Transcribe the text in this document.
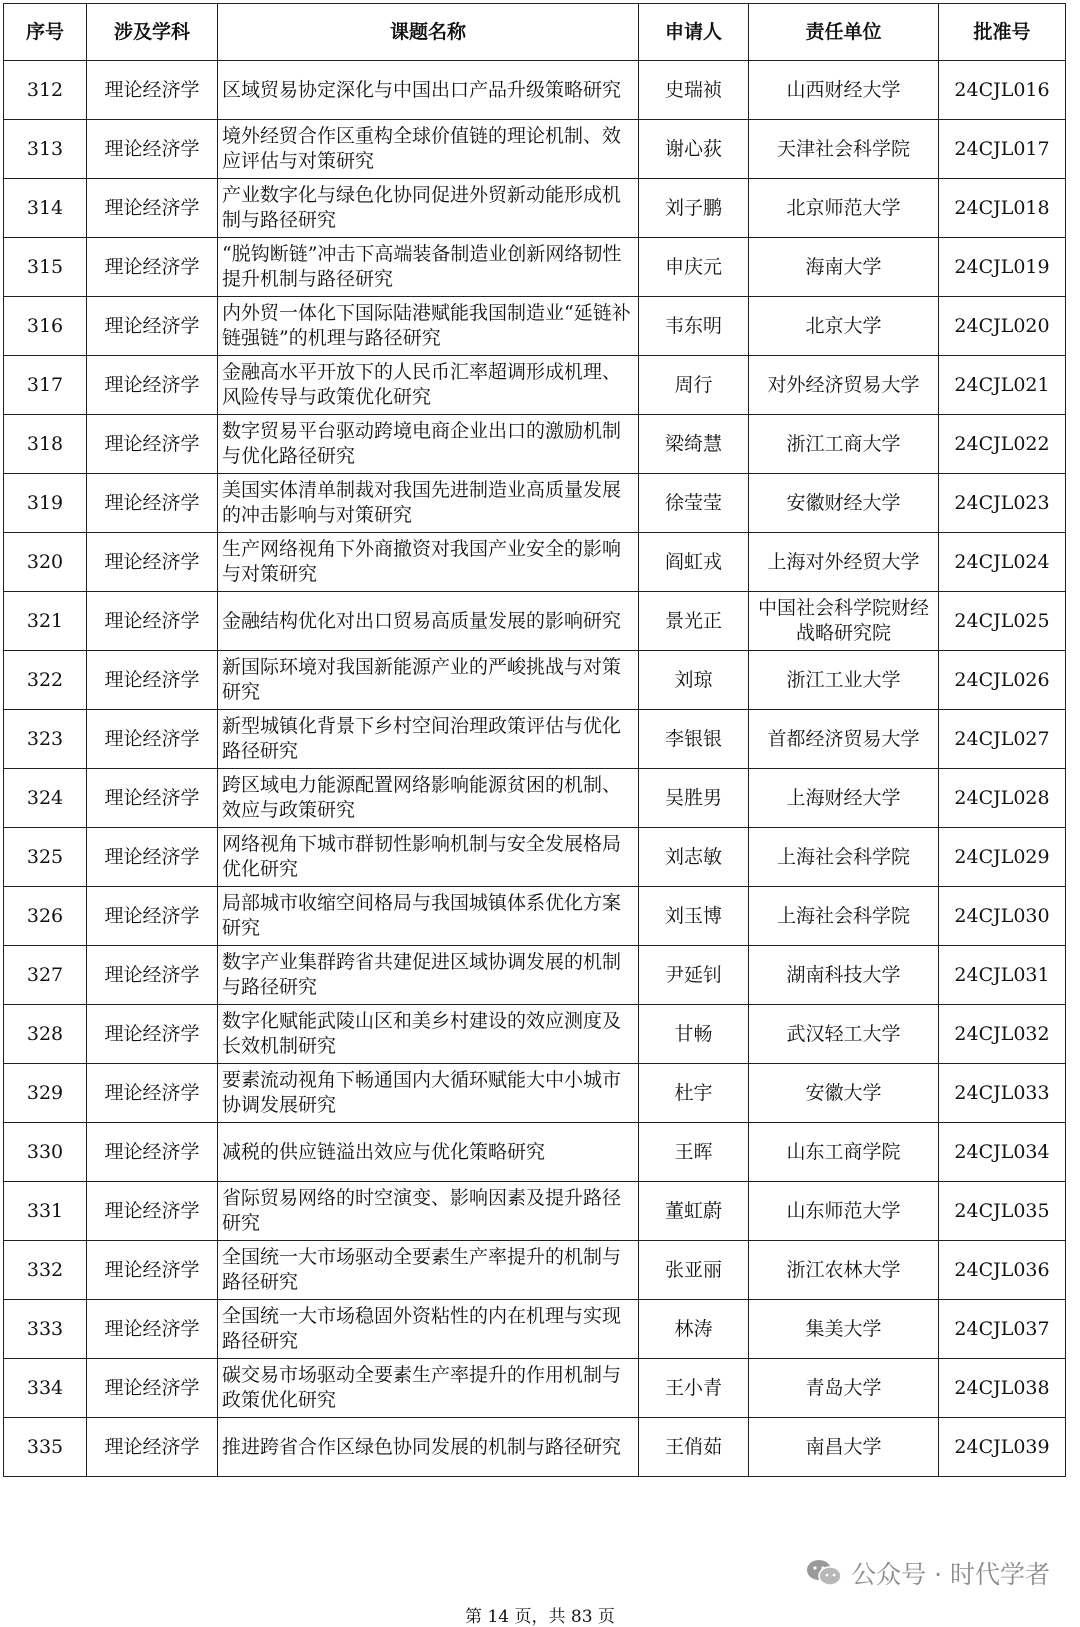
序号	涉及学科	课题名称	申请人	责任单位	批准号
312	理论经济学	区域贸易协定深化与中国出口产品升级策略研究	史瑞祯	山西财经大学	24CJL016
313	理论经济学	境外经贸合作区重构全球价值链的理论机制、效应评估与对策研究	谢心荻	天津社会科学院	24CJL017
314	理论经济学	产业数字化与绿色化协同促进外贸新动能形成机制与路径研究	刘子鹏	北京师范大学	24CJL018
315	理论经济学	“脱钩断链”冲击下高端装备制造业创新网络韧性提升机制与路径研究	申庆元	海南大学	24CJL019
316	理论经济学	内外贸一体化下国际陆港赋能我国制造业“延链补链强链”的机理与路径研究	韦东明	北京大学	24CJL020
317	理论经济学	金融高水平开放下的人民币汇率超调形成机理、风险传导与政策优化研究	周行	对外经济贸易大学	24CJL021
318	理论经济学	数字贸易平台驱动跨境电商企业出口的激励机制与优化路径研究	梁绮慧	浙江工商大学	24CJL022
319	理论经济学	美国实体清单制裁对我国先进制造业高质量发展的冲击影响与对策研究	徐莹莹	安徽财经大学	24CJL023
320	理论经济学	生产网络视角下外商撤资对我国产业安全的影响与对策研究	阎虹戎	上海对外经贸大学	24CJL024
321	理论经济学	金融结构优化对出口贸易高质量发展的影响研究	景光正	中国社会科学院财经战略研究院	24CJL025
322	理论经济学	新国际环境对我国新能源产业的严峻挑战与对策研究	刘琼	浙江工业大学	24CJL026
323	理论经济学	新型城镇化背景下乡村空间治理政策评估与优化路径研究	李银银	首都经济贸易大学	24CJL027
324	理论经济学	跨区域电力能源配置网络影响能源贫困的机制、效应与政策研究	吴胜男	上海财经大学	24CJL028
325	理论经济学	网络视角下城市群韧性影响机制与安全发展格局优化研究	刘志敏	上海社会科学院	24CJL029
326	理论经济学	局部城市收缩空间格局与我国城镇体系优化方案研究	刘玉博	上海社会科学院	24CJL030
327	理论经济学	数字产业集群跨省共建促进区域协调发展的机制与路径研究	尹延钊	湖南科技大学	24CJL031
328	理论经济学	数字化赋能武陵山区和美乡村建设的效应测度及长效机制研究	甘畅	武汉轻工大学	24CJL032
329	理论经济学	要素流动视角下畅通国内大循环赋能大中小城市协调发展研究	杜宇	安徽大学	24CJL033
330	理论经济学	减税的供应链溢出效应与优化策略研究	王晖	山东工商学院	24CJL034
331	理论经济学	省际贸易网络的时空演变、影响因素及提升路径研究	董虹蔚	山东师范大学	24CJL035
332	理论经济学	全国统一大市场驱动全要素生产率提升的机制与路径研究	张亚丽	浙江农林大学	24CJL036
333	理论经济学	全国统一大市场稳固外资粘性的内在机理与实现路径研究	林涛	集美大学	24CJL037
334	理论经济学	碳交易市场驱动全要素生产率提升的作用机制与政策优化研究	王小青	青岛大学	24CJL038
335	理论经济学	推进跨省合作区绿色协同发展的机制与路径研究	王俏茹	南昌大学	24CJL039
公众号 · 时代学者
第 14 页，共 83 页
